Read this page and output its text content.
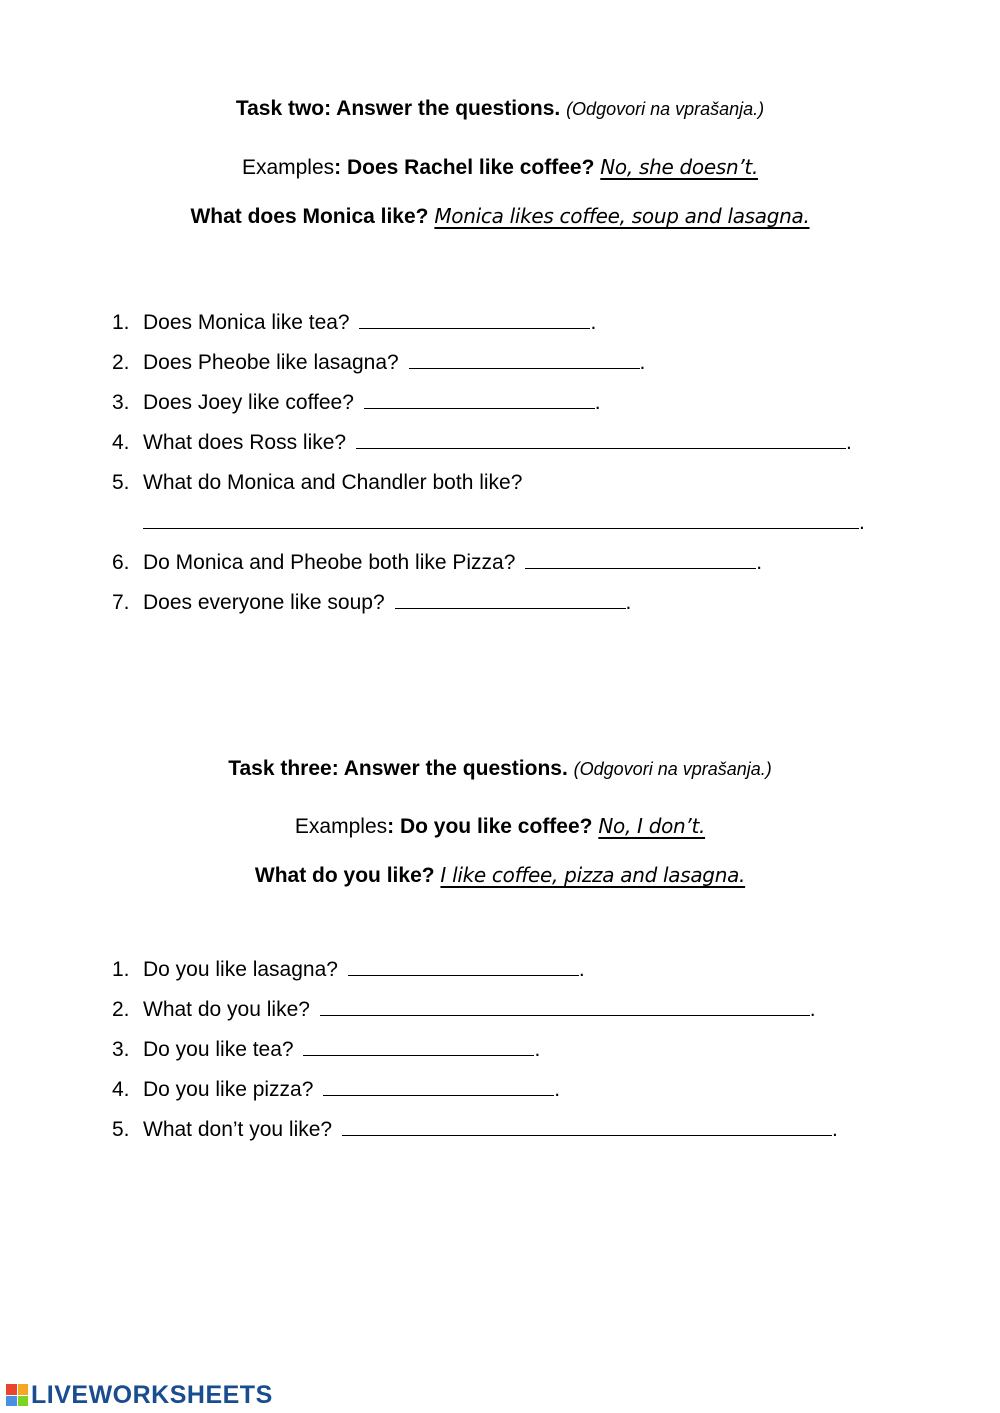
Task two: Answer the questions. (Odgovori na vprašanja.)
Examples: Does Rachel like coffee? No, she doesn’t.
What does Monica like? Monica likes coffee, soup and lasagna.
1. Does Monica like tea?	.
2. Does Pheobe like lasagna?	.
3. Does Joey like coffee?	.
4. What does Ross like?	.
5. What do Monica and Chandler both like?
.
6. Do Monica and Pheobe both like Pizza?	.
7. Does everyone like soup?	.
Task three: Answer the questions. (Odgovori na vprašanja.)
Examples: Do you like coffee? No, I don’t.
What do you like? I like coffee, pizza and lasagna.
1. Do you like lasagna?	.
2. What do you like?	.
3. Do you like tea?	.
4. Do you like pizza?	.
5. What don’t you like?	.
LIVEWORKSHEETS
